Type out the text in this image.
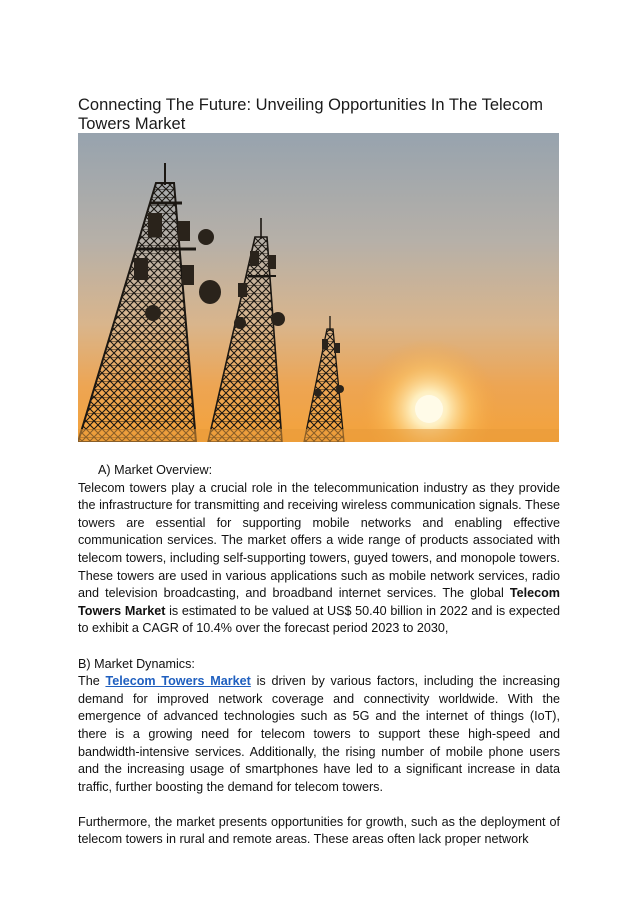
Connecting The Future: Unveiling Opportunities In The Telecom Towers Market

A) Market Overview:

Telecom towers play a crucial role in the telecommunication industry as they provide the infrastructure for transmitting and receiving wireless communication signals. These towers are essential for supporting mobile networks and enabling effective communication services. The market offers a wide range of products associated with telecom towers, including self-supporting towers, guyed towers, and monopole towers. These towers are used in various applications such as mobile network services, radio and television broadcasting, and broadband internet services. The global Telecom Towers Market is estimated to be valued at US$ 50.40 billion in 2022 and is expected to exhibit a CAGR of 10.4% over the forecast period 2023 to 2030,

B) Market Dynamics:

The Telecom Towers Market is driven by various factors, including the increasing demand for improved network coverage and connectivity worldwide. With the emergence of advanced technologies such as 5G and the internet of things (IoT), there is a growing need for telecom towers to support these high-speed and bandwidth-intensive services. Additionally, the rising number of mobile phone users and the increasing usage of smartphones have led to a significant increase in data traffic, further boosting the demand for telecom towers.

Furthermore, the market presents opportunities for growth, such as the deployment of telecom towers in rural and remote areas. These areas often lack proper network
